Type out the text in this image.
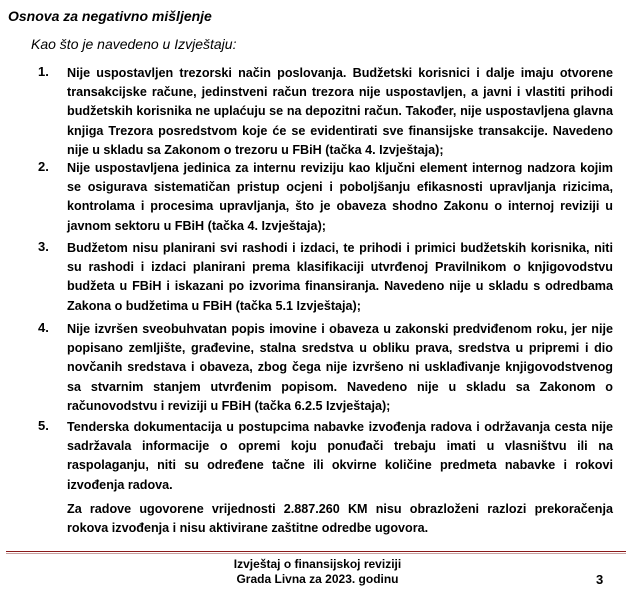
Osnova za negativno mišljenje

Kao što je navedeno u Izvještaju:

1. Nije uspostavljen trezorski način poslovanja. Budžetski korisnici i dalje imaju otvorene transakcijske račune, jedinstveni račun trezora nije uspostavljen, a javni i vlastiti prihodi budžetskih korisnika ne uplaćuju se na depozitni račun. Također, nije uspostavljena glavna knjiga Trezora posredstvom koje će se evidentirati sve finansijske transakcije. Navedeno nije u skladu sa Zakonom o trezoru u FBiH (tačka 4. Izvještaja);

2. Nije uspostavljena jedinica za internu reviziju kao ključni element internog nadzora kojim se osigurava sistematičan pristup ocjeni i poboljšanju efikasnosti upravljanja rizicima, kontrolama i procesima upravljanja, što je obaveza shodno Zakonu o internoj reviziji u javnom sektoru u FBiH (tačka 4. Izvještaja);

3. Budžetom nisu planirani svi rashodi i izdaci, te prihodi i primici budžetskih korisnika, niti su rashodi i izdaci planirani prema klasifikaciji utvrđenoj Pravilnikom o knjigovodstvu budžeta u FBiH i iskazani po izvorima finansiranja. Navedeno nije u skladu s odredbama Zakona o budžetima u FBiH (tačka 5.1 Izvještaja);

4. Nije izvršen sveobuhvatan popis imovine i obaveza u zakonski predviđenom roku, jer nije popisano zemljište, građevine, stalna sredstva u obliku prava, sredstva u pripremi i dio novčanih sredstava i obaveza, zbog čega nije izvršeno ni usklađivanje knjigovodstvenog sa stvarnim stanjem utvrđenim popisom. Navedeno nije u skladu sa Zakonom o računovodstvu i reviziji u FBiH (tačka 6.2.5 Izvještaja);

5. Tenderska dokumentacija u postupcima nabavke izvođenja radova i održavanja cesta nije sadržavala informacije o opremi koju ponuđači trebaju imati u vlasništvu ili na raspolaganju, niti su određene tačne ili okvirne količine predmeta nabavke i rokovi izvođenja radova.

Za radove ugovorene vrijednosti 2.887.260 KM nisu obrazloženi razlozi prekoračenja rokova izvođenja i nisu aktivirane zaštitne odredbe ugovora.

Izvještaj o finansijskoj reviziji
Grada Livna za 2023. godinu	3
